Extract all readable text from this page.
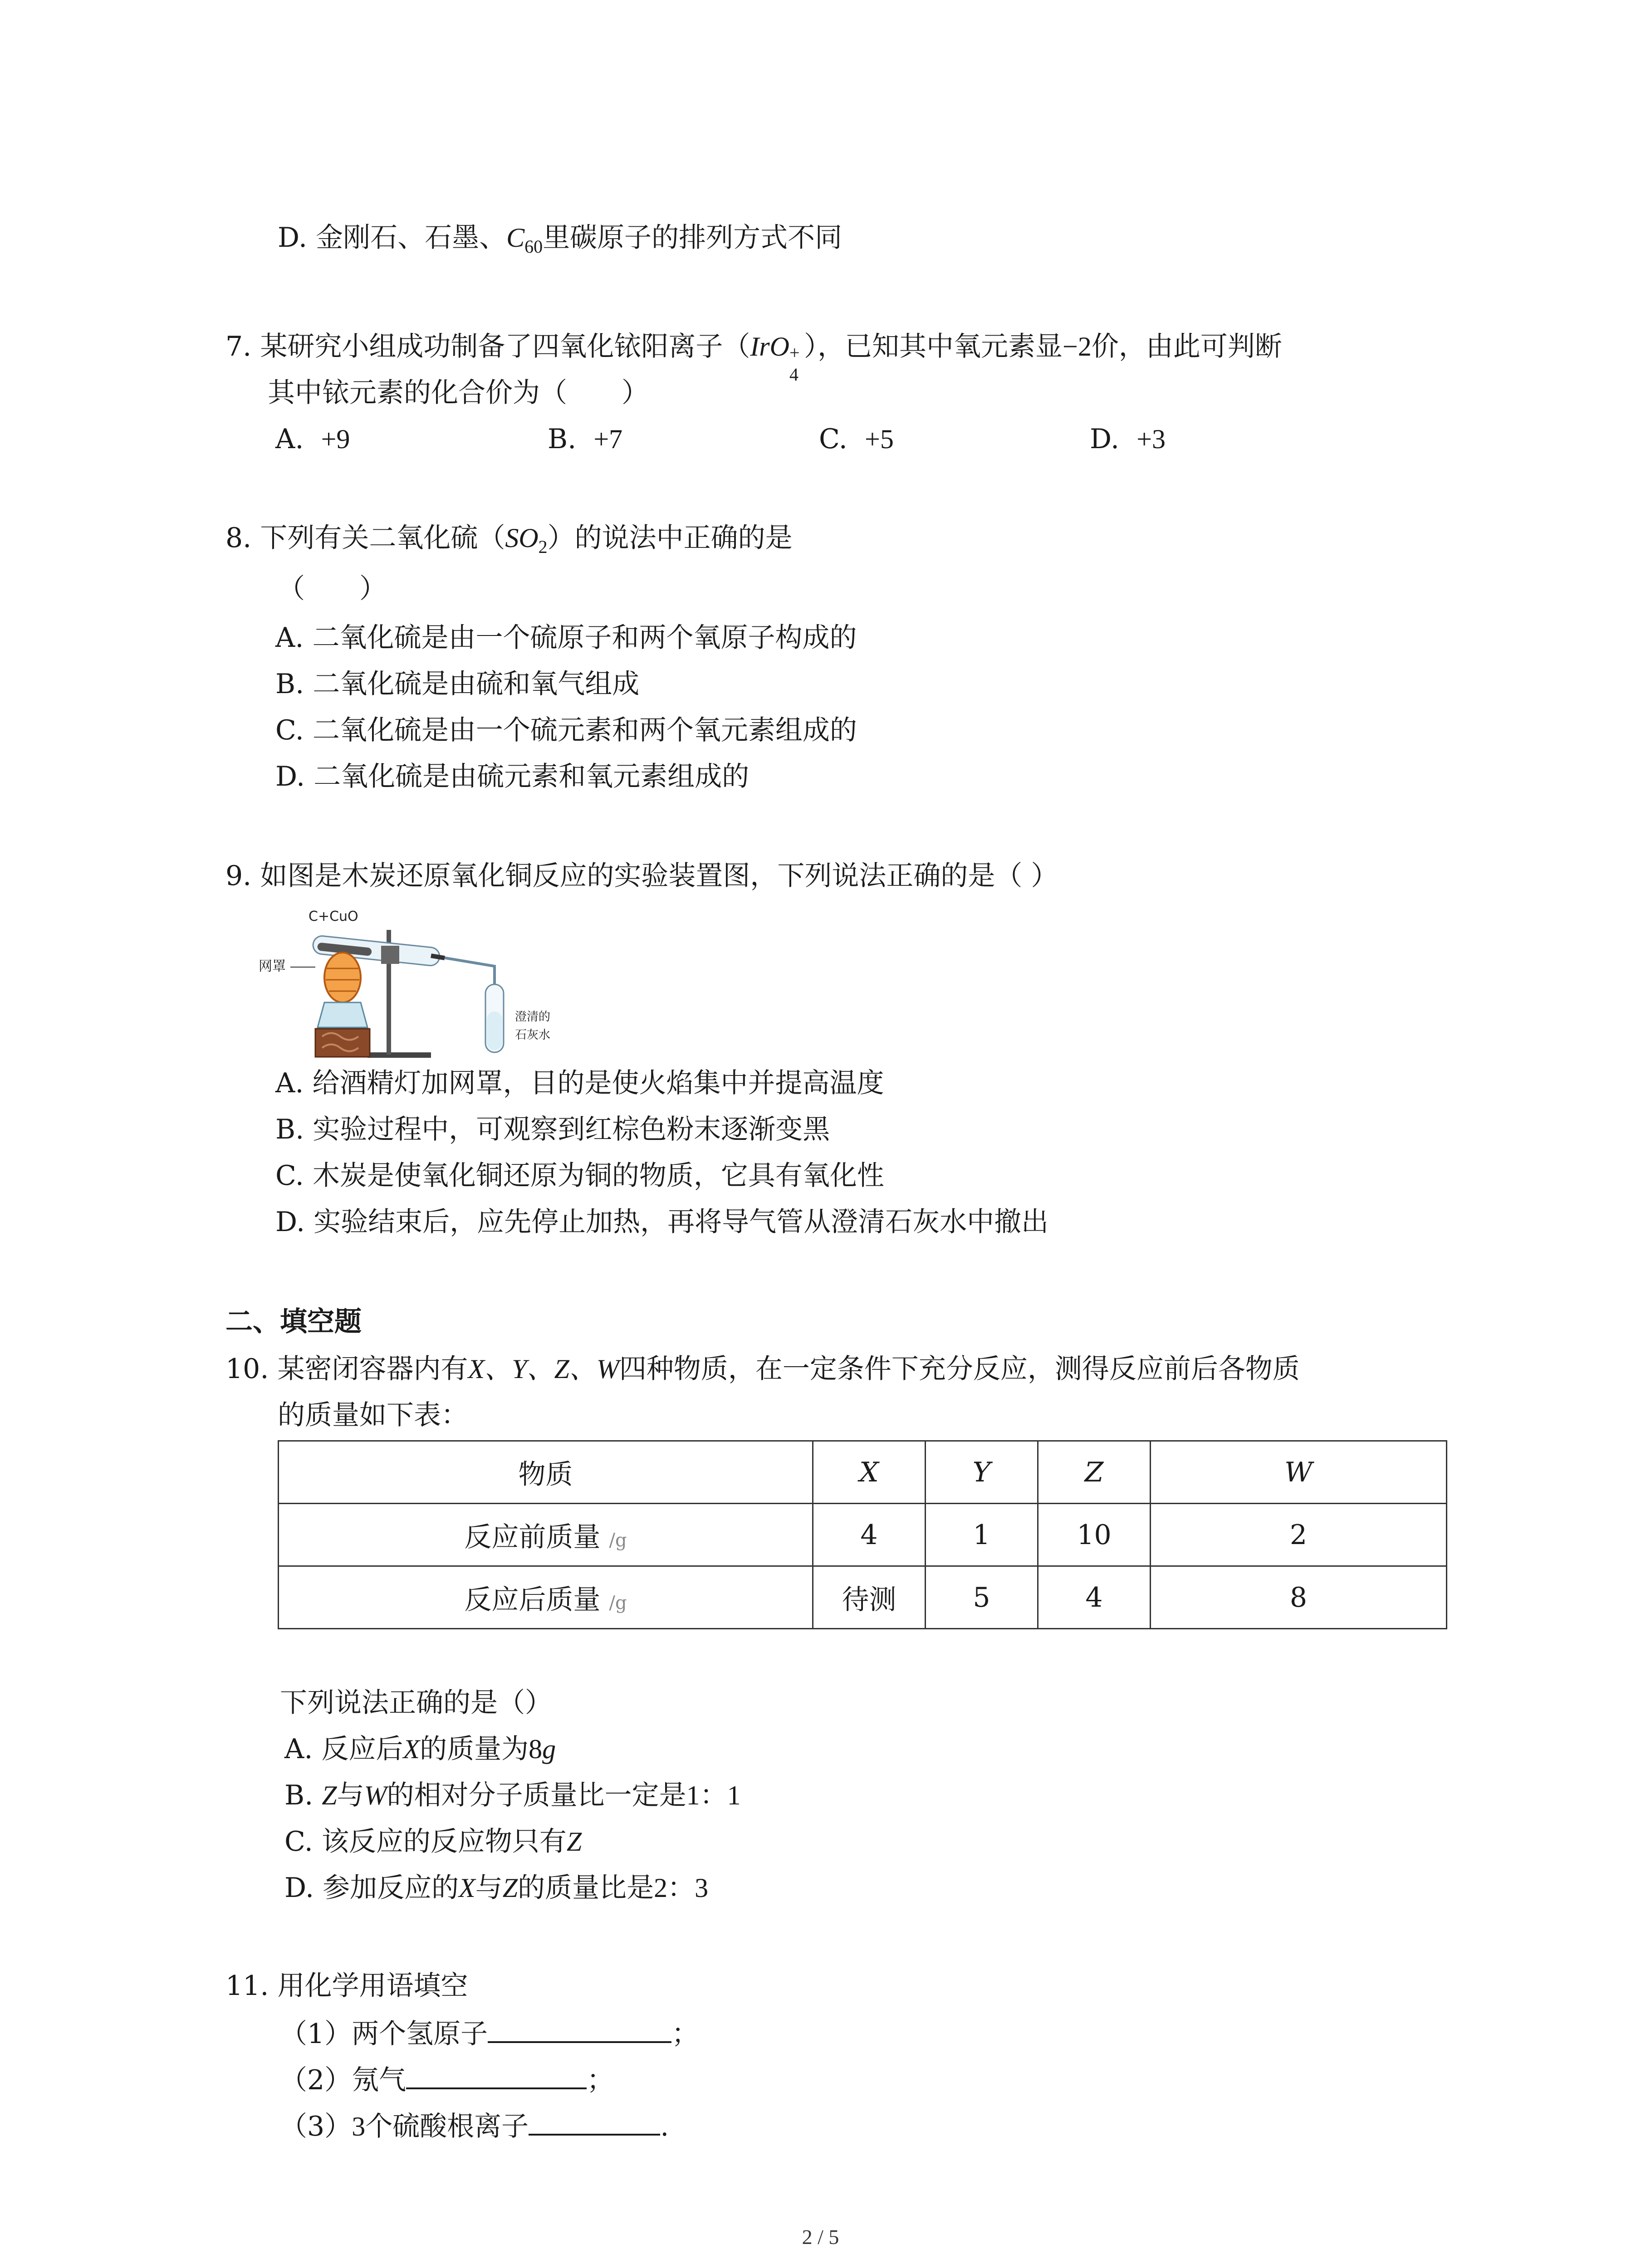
D. 金刚石、石墨、$C_{60}$里碳原子的排列方式不同
7. 某研究小组成功制备了四氧化铱阳离子（IrO +
4
），已知其中氧元素显−2价，由此可判断
其中铱元素的化合价为（　　）
A. +9	B. +7	C. +5	D. +3
8. 下列有关二氧化硫$(SO_2)$的说法中正确的是
（　　）
A. 二氧化硫是由一个硫原子和两个氧原子构成的
B. 二氧化硫是由硫和氧气组成
C. 二氧化硫是由一个硫元素和两个氧元素组成的
D. 二氧化硫是由硫元素和氧元素组成的
9. 如图是木炭还原氧化铜反应的实验装置图，下列说法正确的是（ ）
C+CuO
网罩
澄清的
石灰水
A. 给酒精灯加网罩，目的是使火焰集中并提高温度
B. 实验过程中，可观察到红棕色粉末逐渐变黑
C. 木炭是使氧化铜还原为铜的物质，它具有氧化性
D. 实验结束后，应先停止加热，再将导气管从澄清石灰水中撤出
二、填空题
10. 某密闭容器内有X、Y、Z、W四种物质，在一定条件下充分反应，测得反应前后各物质
的质量如下表：
物质	X	Y	Z	W
反应前质量 /g	4	1	10	2
反应后质量 /g	待测	5	4	8
下列说法正确的是（）
A. 反应后X的质量为8g
B. Z与W的相对分子质量比一定是1：1
C. 该反应的反应物只有Z
D. 参加反应的X与Z的质量比是2：3
11. 用化学用语填空
（1）两个氢原子	；
（2）氖气	；
（3）3个硫酸根离子	.
2 / 5
